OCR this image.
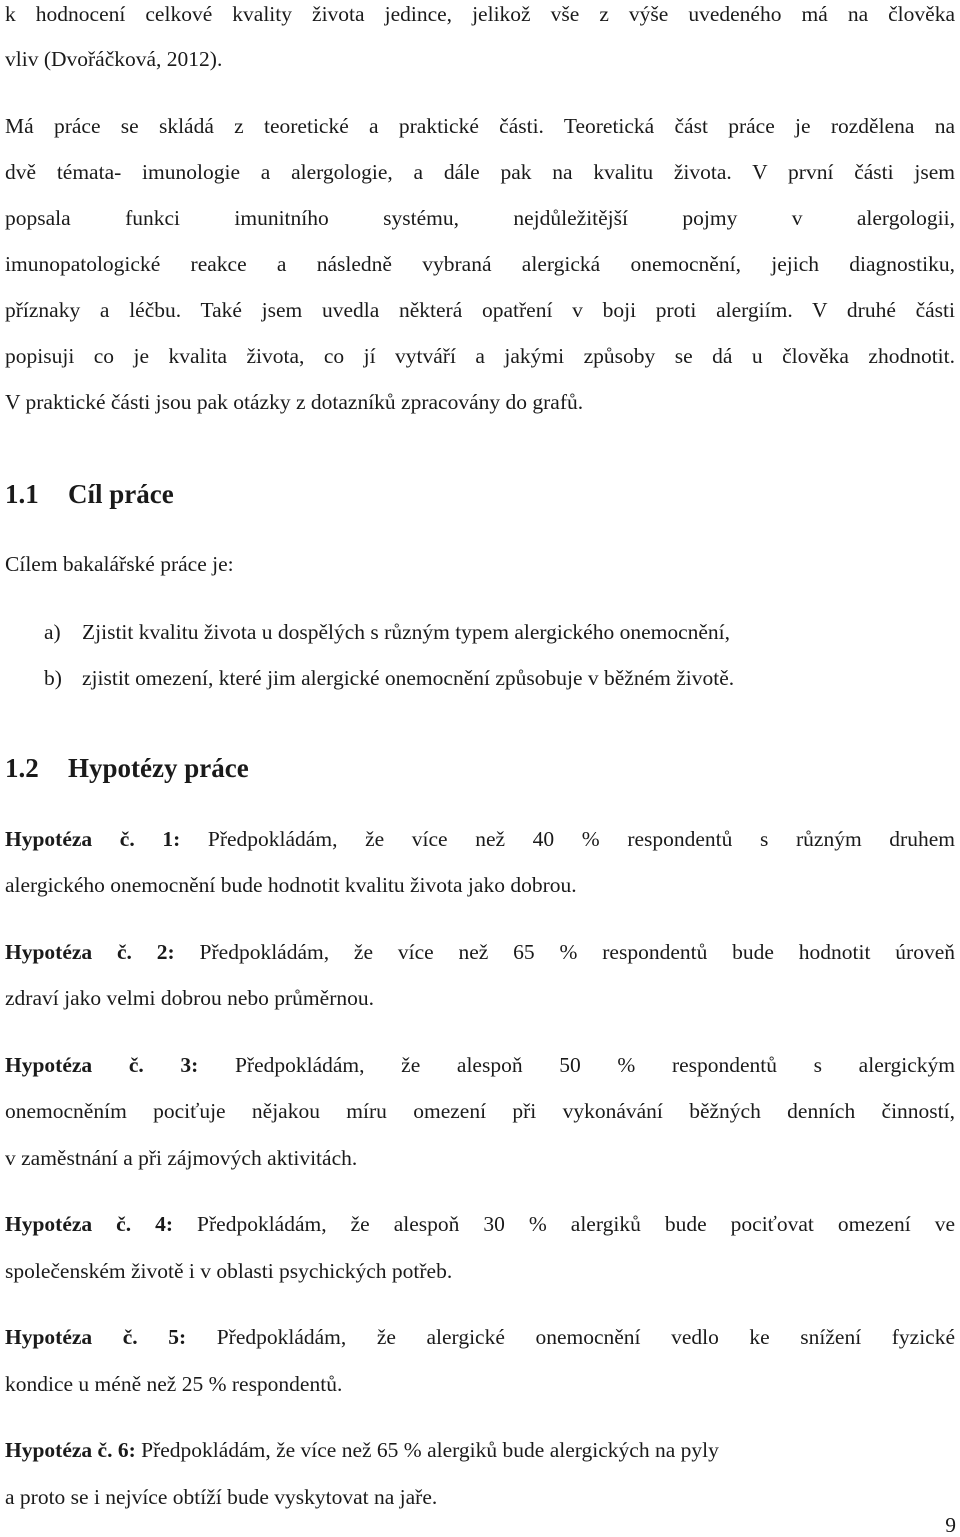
k hodnocení celkové kvality života jedince, jelikož vše z výše uvedeného má na člověka
vliv (Dvořáčková, 2012).
Má práce se skládá z teoretické a praktické části. Teoretická část práce je rozdělena na
dvě témata- imunologie a alergologie, a dále pak na kvalitu života. V první části jsem
popsala funkci imunitního systému, nejdůležitější pojmy v alergologii,
imunopatologické reakce a následně vybraná alergická onemocnění, jejich diagnostiku,
příznaky a léčbu. Také jsem uvedla některá opatření v boji proti alergiím. V druhé části
popisuji co je kvalita života, co jí vytváří a jakými způsoby se dá u člověka zhodnotit.
V praktické části jsou pak otázky z dotazníků zpracovány do grafů.
1.1 Cíl práce
Cílem bakalářské práce je:
a) Zjistit kvalitu života u dospělých s různým typem alergického onemocnění,
b) zjistit omezení, které jim alergické onemocnění způsobuje v běžném životě.
1.2 Hypotézy práce
Hypotéza č. 1: Předpokládám, že více než 40 % respondentů s různým druhem
alergického onemocnění bude hodnotit kvalitu života jako dobrou.
Hypotéza č. 2: Předpokládám, že více než 65 % respondentů bude hodnotit úroveň
zdraví jako velmi dobrou nebo průměrnou.
Hypotéza č. 3: Předpokládám, že alespoň 50 % respondentů s alergickým
onemocněním pociťuje nějakou míru omezení při vykonávání běžných denních činností,
v zaměstnání a při zájmových aktivitách.
Hypotéza č. 4: Předpokládám, že alespoň 30 % alergiků bude pociťovat omezení ve
společenském životě i v oblasti psychických potřeb.
Hypotéza č. 5: Předpokládám, že alergické onemocnění vedlo ke snížení fyzické
kondice u méně než 25 % respondentů.
Hypotéza č. 6: Předpokládám, že více než 65 % alergiků bude alergických na pyly
a proto se i nejvíce obtíží bude vyskytovat na jaře.
9
